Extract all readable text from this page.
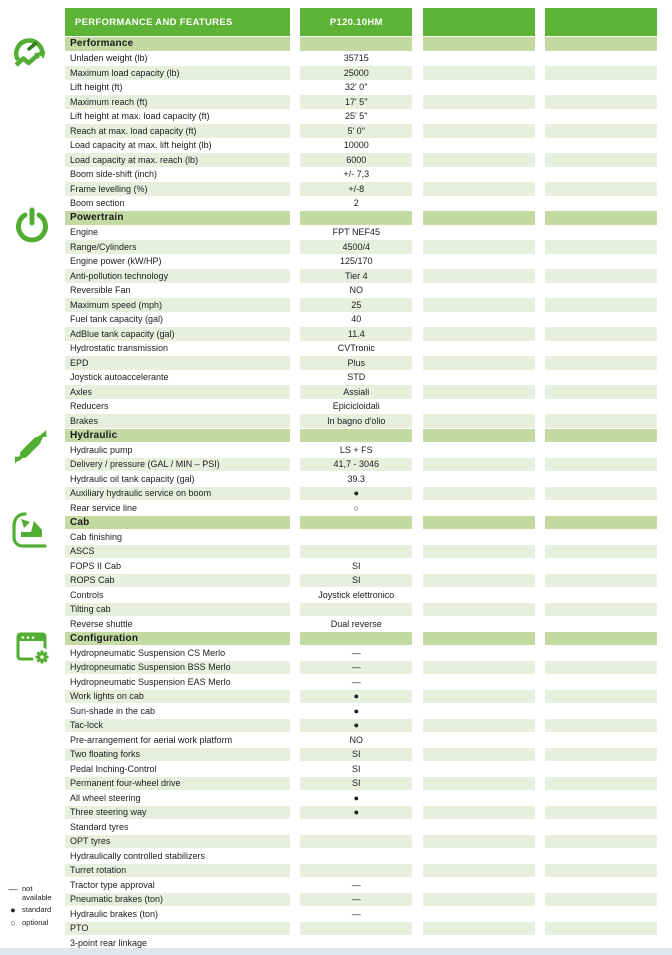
PERFORMANCE AND FEATURES	P120.10HM
Performance
Unladen weight (lb)	35715
Maximum load capacity (lb)	25000
Lift height (ft)	32' 0''
Maximum reach (ft)	17' 5''
Lift height at max. load capacity (ft)	25' 5''
Reach at max. load capacity (ft)	5' 0''
Load capacity at max. lift height (lb)	10000
Load capacity at max. reach (lb)	6000
Boom side-shift (inch)	+/- 7,3
Frame levelling (%)	+/-8
Boom section	2
Powertrain
Engine	FPT NEF45
Range/Cylinders	4500/4
Engine power (kW/HP)	125/170
Anti-pollution technology	Tier 4
Reversible Fan	NO
Maximum speed (mph)	25
Fuel tank capacity (gal)	40
AdBlue tank capacity (gal)	11.4
Hydrostatic transmission	CVTronic
EPD	Plus
Joystick autoaccelerante	STD
Axles	Assiali
Reducers	Epicicloidali
Brakes	In bagno d'olio
Hydraulic
Hydraulic pump	LS + FS
Delivery / pressure (GAL / MIN – PSI)	41,7 - 3046
Hydraulic oil tank capacity (gal)	39.3
Auxiliary hydraulic service on boom	●
Rear service line	○
Cab
Cab finishing
ASCS
FOPS II Cab	SI
ROPS Cab	SI
Controls	Joystick elettronico
Tilting cab
Reverse shuttle	Dual reverse
Configuration
Hydropneumatic Suspension CS Merlo	—
Hydropneumatic Suspension BSS Merlo	—
Hydropneumatic Suspension EAS Merlo	—
Work lights on cab	●
Sun-shade in the cab	●
Tac-lock	●
Pre-arrangement for aerial work platform	NO
Two floating forks	SI
Pedal Inching-Control	SI
Permanent four-wheel drive	SI
All wheel steering	●
Three steering way	●
Standard tyres
OPT tyres
Hydraulically controlled stabilizers
Turret rotation
Tractor type approval	—
Pneumatic brakes (ton)	—
Hydraulic brakes (ton)	—
PTO
3-point rear linkage
— not available
● standard
○ optional
